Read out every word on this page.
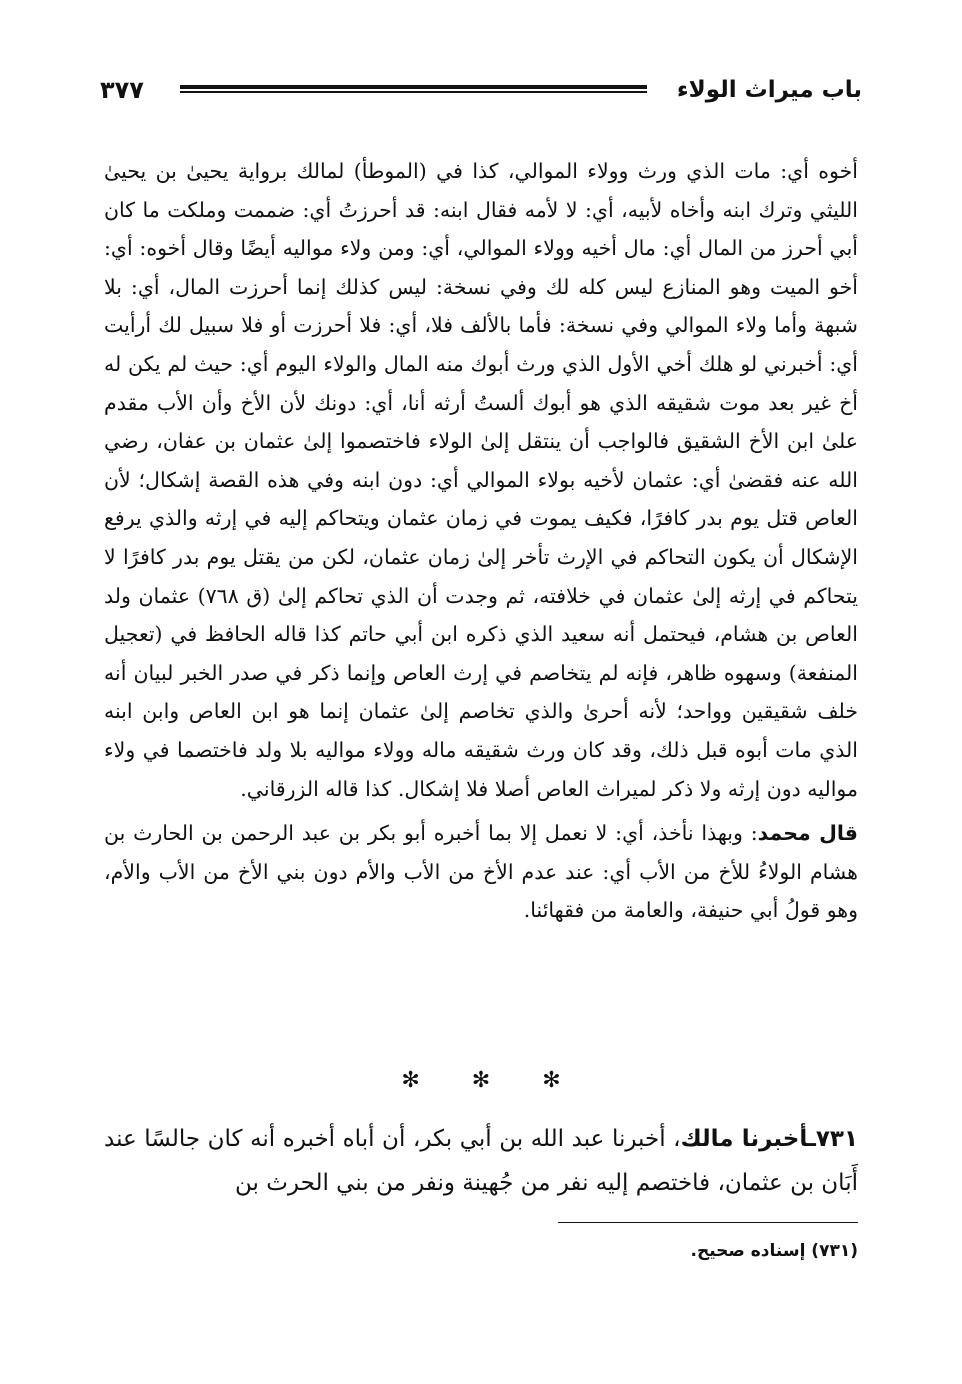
باب ميراث الولاء
٣٧٧

أخوه أي: مات الذي ورث وولاء الموالي، كذا في (الموطأ) لمالك برواية يحيىٰ بن يحيىٰ الليثي وترك ابنه وأخاه لأبيه، أي: لا لأمه فقال ابنه: قد أحرزتُ أي: ضممت وملكت ما كان أبي أحرز من المال أي: مال أخيه وولاء الموالي، أي: ومن ولاء مواليه أيضًا وقال أخوه: أي: أخو الميت وهو المنازع ليس كله لك وفي نسخة: ليس كذلك إنما أحرزت المال، أي: بلا شبهة وأما ولاء الموالي وفي نسخة: فأما بالألف فلا، أي: فلا أحرزت أو فلا سبيل لك أرأيت أي: أخبرني لو هلك أخي الأول الذي ورث أبوك منه المال والولاء اليوم أي: حيث لم يكن له أخ غير بعد موت شقيقه الذي هو أبوك ألستُ أرثه أنا، أي: دونك لأن الأخ وأن الأب مقدم علىٰ ابن الأخ الشقيق فالواجب أن ينتقل إلىٰ الولاء فاختصموا إلىٰ عثمان بن عفان، رضي الله عنه فقضىٰ أي: عثمان لأخيه بولاء الموالي أي: دون ابنه وفي هذه القصة إشكال؛ لأن العاص قتل يوم بدر كافرًا، فكيف يموت في زمان عثمان ويتحاكم إليه في إرثه والذي يرفع الإشكال أن يكون التحاكم في الإرث تأخر إلىٰ زمان عثمان، لكن من يقتل يوم بدر كافرًا لا يتحاكم في إرثه إلىٰ عثمان في خلافته، ثم وجدت أن الذي تحاكم إلىٰ (ق ٧٦٨) عثمان ولد العاص بن هشام، فيحتمل أنه سعيد الذي ذكره ابن أبي حاتم كذا قاله الحافظ في (تعجيل المنفعة) وسهوه ظاهر، فإنه لم يتخاصم في إرث العاص وإنما ذكر في صدر الخبر لبيان أنه خلف شقيقين وواحد؛ لأنه أحرىٰ والذي تخاصم إلىٰ عثمان إنما هو ابن العاص وابن ابنه الذي مات أبوه قبل ذلك، وقد كان ورث شقيقه ماله وولاء مواليه بلا ولد فاختصما في ولاء مواليه دون إرثه ولا ذكر لميراث العاص أصلا فلا إشكال. كذا قاله الزرقاني.

قال محمد: وبهذا نأخذ، أي: لا نعمل إلا بما أخبره أبو بكر بن عبد الرحمن بن الحارث بن هشام الولاءُ للأخ من الأب أي: عند عدم الأخ من الأب والأم دون بني الأخ من الأب والأم، وهو قولُ أبي حنيفة، والعامة من فقهائنا.

✻✻✻

٧٣١ـأخبرنا مالك، أخبرنا عبد الله بن أبي بكر، أن أباه أخبره أنه كان جالسًا عند أَبَان بن عثمان، فاختصم إليه نفر من جُهينة ونفر من بني الحرث بن

(٧٣١) إسناده صحيح.
